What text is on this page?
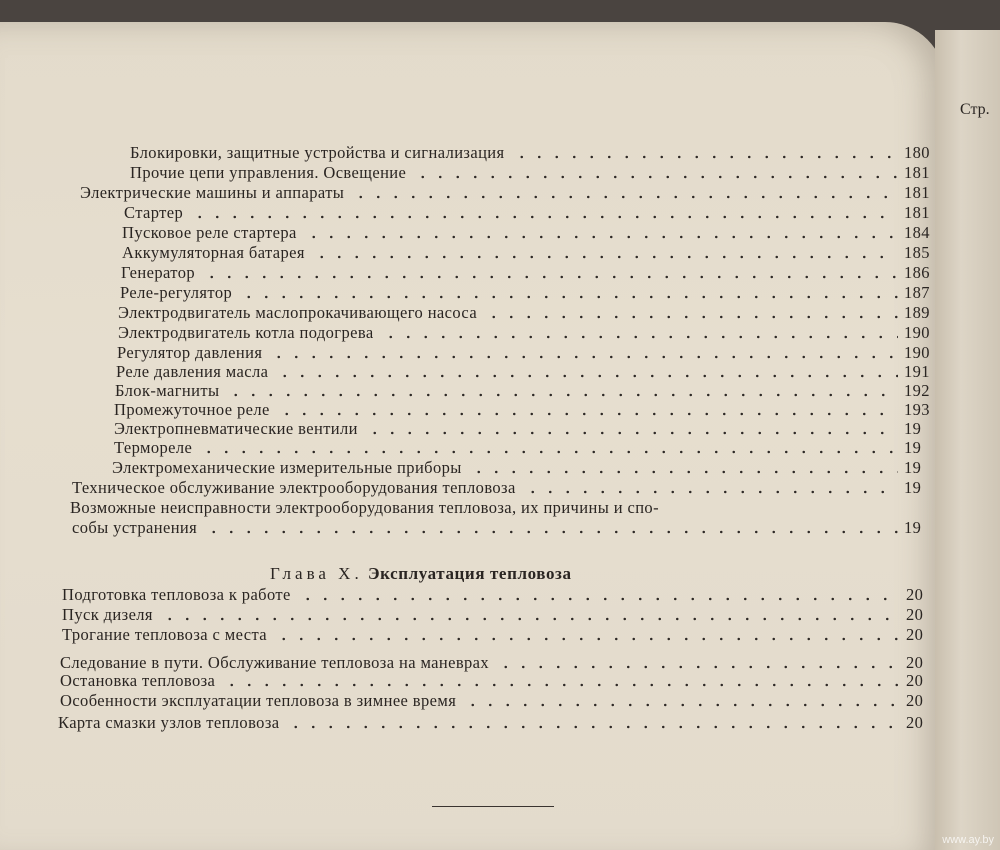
Стр.
Блокировки, защитные устройства и сигнализация	180
Прочие цепи управления. Освещение	181
Электрические машины и аппараты	181
Стартер	181
Пусковое реле стартера	184
Аккумуляторная батарея	185
Генератор	186
Реле-регулятор	187
Электродвигатель маслопрокачивающего насоса	189
Электродвигатель котла подогрева	190
Регулятор давления	190
Реле давления масла	191
Блок-магниты	192
Промежуточное реле	193
Электропневматические вентили	19
Термореле	19
Электромеханические измерительные приборы	19
Техническое обслуживание электрооборудования тепловоза	19
Возможные неисправности электрооборудования тепловоза, их причины и спо-
собы устранения	19
Глава X. Эксплуатация тепловоза
Подготовка тепловоза к работе	20
Пуск дизеля	20
Трогание тепловоза с места	20
Следование в пути. Обслуживание тепловоза на маневрах	20
Остановка тепловоза	20
Особенности эксплуатации тепловоза в зимнее время	20
Карта смазки узлов тепловоза	20
www.ay.by
